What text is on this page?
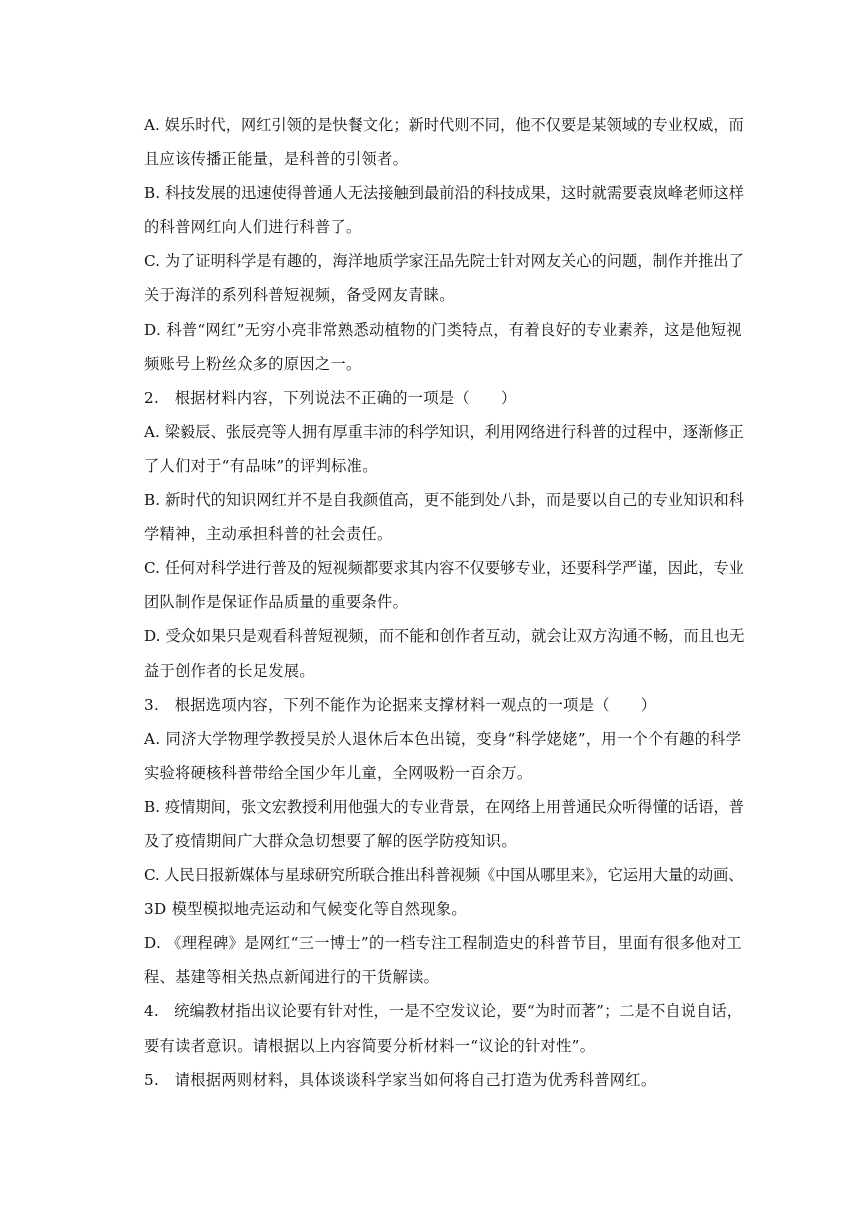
A. 娱乐时代，网红引领的是快餐文化；新时代则不同，他不仅要是某领域的专业权威，而
且应该传播正能量，是科普的引领者。
B. 科技发展的迅速使得普通人无法接触到最前沿的科技成果，这时就需要袁岚峰老师这样
的科普网红向人们进行科普了。
C. 为了证明科学是有趣的，海洋地质学家汪品先院士针对网友关心的问题，制作并推出了
关于海洋的系列科普短视频，备受网友青睐。
D. 科普“网红”无穷小亮非常熟悉动植物的门类特点，有着良好的专业素养，这是他短视
频账号上粉丝众多的原因之一。
2.　根据材料内容，下列说法不正确的一项是（　　）
A. 梁毅辰、张辰亮等人拥有厚重丰沛的科学知识，利用网络进行科普的过程中，逐渐修正
了人们对于“有品味”的评判标准。
B. 新时代的知识网红并不是自我颜值高，更不能到处八卦，而是要以自己的专业知识和科
学精神，主动承担科普的社会责任。
C. 任何对科学进行普及的短视频都要求其内容不仅要够专业，还要科学严谨，因此，专业
团队制作是保证作品质量的重要条件。
D. 受众如果只是观看科普短视频，而不能和创作者互动，就会让双方沟通不畅，而且也无
益于创作者的长足发展。
3.　根据选项内容，下列不能作为论据来支撑材料一观点的一项是（　　）
A. 同济大学物理学教授吴於人退休后本色出镜，变身“科学姥姥”，用一个个有趣的科学
实验将硬核科普带给全国少年儿童，全网吸粉一百余万。
B. 疫情期间，张文宏教授利用他强大的专业背景，在网络上用普通民众听得懂的话语，普
及了疫情期间广大群众急切想要了解的医学防疫知识。
C. 人民日报新媒体与星球研究所联合推出科普视频《中国从哪里来》，它运用大量的动画、
3D 模型模拟地壳运动和气候变化等自然现象。
D. 《理程碑》是网红“三一博士”的一档专注工程制造史的科普节目，里面有很多他对工
程、基建等相关热点新闻进行的干货解读。
4.　统编教材指出议论要有针对性，一是不空发议论，要“为时而著”；二是不自说自话，
要有读者意识。请根据以上内容简要分析材料一“议论的针对性”。
5.　请根据两则材料，具体谈谈科学家当如何将自己打造为优秀科普网红。
